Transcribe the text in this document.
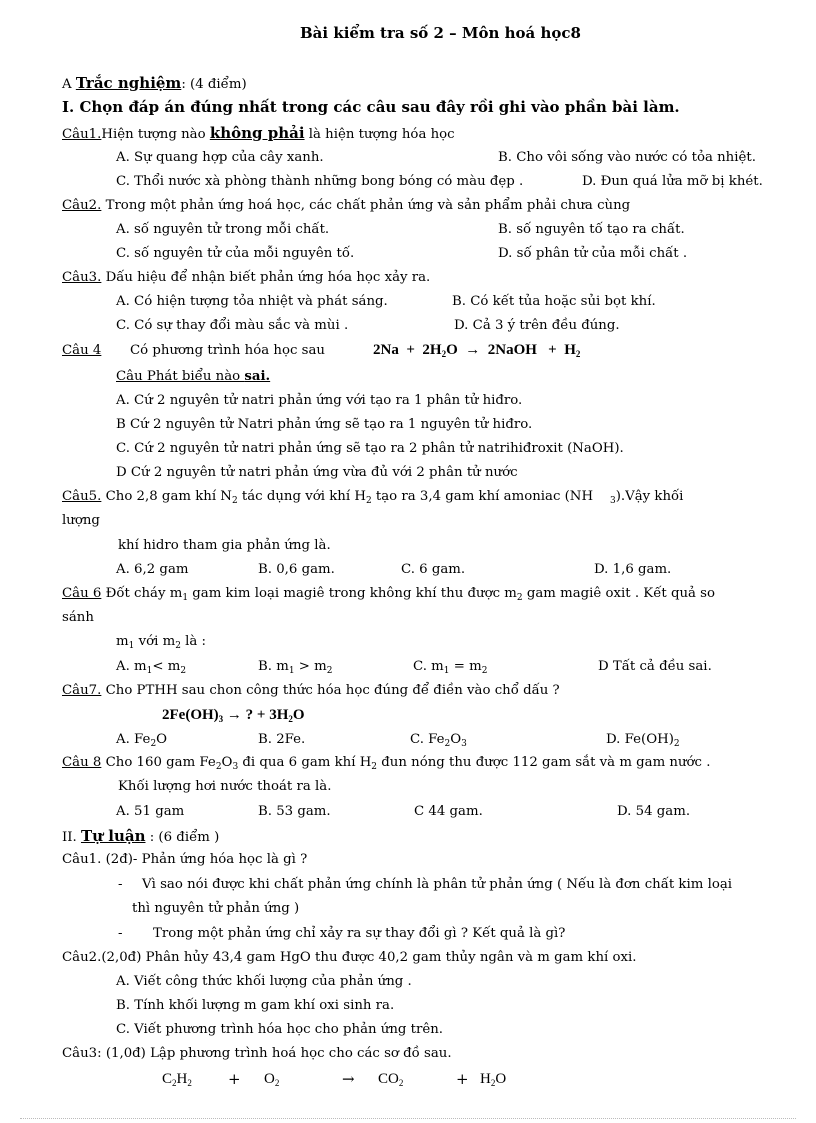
Bài kiểm tra số 2 – Môn hoá học8
A Trắc nghiệm: (4 điểm)
I. Chọn đáp án đúng nhất trong các câu sau đây rồi ghi vào phần bài làm.
Câu1.Hiện tượng nào không phải là hiện tượng hóa học
A. Sự quang hợp của cây xanh.	B. Cho vôi sống vào nước có tỏa nhiệt.
C. Thổi nước xà phòng thành những bong bóng có màu đẹp .	D. Đun quá lửa mỡ bị khét.
Câu2. Trong một phản ứng hoá học, các chất phản ứng và sản phẩm phải chưa cùng
A. số nguyên tử trong mỗi chất.	B. số nguyên tố tạo ra chất.
C. số nguyên tử của mỗi nguyên tố.	D. số phân tử của mỗi chất .
Câu3. Dấu hiệu để nhận biết phản ứng hóa học xảy ra.
A. Có hiện tượng tỏa nhiệt và phát sáng.	B. Có kết tủa hoặc sủi bọt khí.
C. Có sự thay đổi màu sắc và mùi .	D. Cả 3 ý trên đều đúng.
Câu 4 Có phương trình hóa học sau	$2Na + 2H_2O$ → 2NaOH + $H_2$
Câu Phát biểu nào sai.
A. Cứ 2 nguyên tử natri phản ứng với tạo ra 1 phân tử hiđro.
B Cứ 2 nguyên tử Natri phản ứng sẽ tạo ra 1 nguyên tử hiđro.
C. Cứ 2 nguyên tử natri phản ứng sẽ tạo ra 2 phân tử natrihiđroxit (NaOH).
D Cứ 2 nguyên tử natri phản ứng vừa đủ với 2 phân tử nước
Câu5. Cho 2,8 gam khí $N_2$ tác dụng với khí $H_2$ tạo ra 3,4 gam khí amoniac (NH $_3$).Vậy khối
lượng
khí hidro tham gia phản ứng là.
A. 6,2 gam	B. 0,6 gam.	C. 6 gam.	D. 1,6 gam.
Câu 6 Đốt cháy $m_1$ gam kim loại magiê trong không khí thu được $m_2$ gam magiê oxit . Kết quả so
sánh
$m_1$ với $m_2$ là :
A. $m_1< m_2$	B. $m_1 > m_2$	C. $m_1 = m_2$	D Tất cả đều sai.
Câu7. Cho PTHH sau chon công thức hóa học đúng để điền vào chổ dấu ?
$2Fe(OH)_3$ → ? + $3H_2O$
A. $Fe_2O$	B. 2Fe.	C. $Fe_2O_3$	D. $Fe(OH)_2$
Câu 8 Cho 160 gam $Fe_2O_3$ đi qua 6 gam khí $H_2$ đun nóng thu được 112 gam sắt và m gam nước .
Khối lượng hơi nước thoát ra là.
A. 51 gam	B. 53 gam.	C 44 gam.	D. 54 gam.
II. Tự luận : (6 điểm )
Câu1. (2đ)- Phản ứng hóa học là gì ?
- Vì sao nói được khi chất phản ứng chính là phân tử phản ứng ( Nếu là đơn chất kim loại
thì nguyên tử phản ứng )
- Trong một phản ứng chỉ xảy ra sự thay đổi gì ? Kết quả là gì?
Câu2.(2,0đ) Phân hủy 43,4 gam HgO thu được 40,2 gam thủy ngân và m gam khí oxi.
A. Viết công thức khối lượng của phản ứng .
B. Tính khối lượng m gam khí oxi sinh ra.
C. Viết phương trình hóa học cho phản ứng trên.
Câu3: (1,0đ) Lập phương trình hoá học cho các sơ đồ sau.
$C_2H_2 + O_2$	→ $CO_2$	+ $H_2O$
